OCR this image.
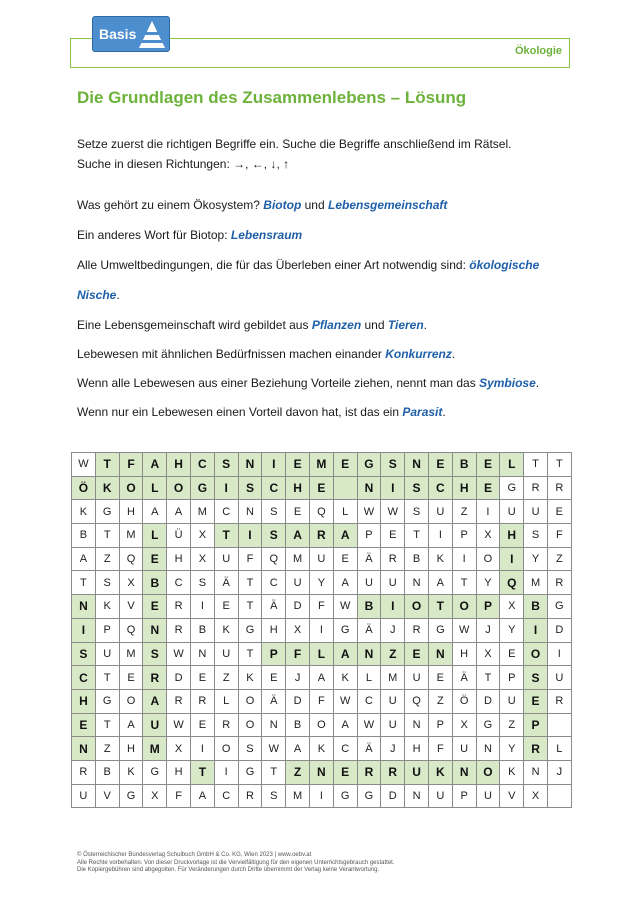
Basis
Ökologie
Die Grundlagen des Zusammenlebens – Lösung
Setze zuerst die richtigen Begriffe ein. Suche die Begriffe anschließend im Rätsel.
Suche in diesen Richtungen: →, ←, ↓, ↑
Was gehört zu einem Ökosystem? Biotop und Lebensgemeinschaft
Ein anderes Wort für Biotop: Lebensraum
Alle Umweltbedingungen, die für das Überleben einer Art notwendig sind: ökologische
Nische.
Eine Lebensgemeinschaft wird gebildet aus Pflanzen und Tieren.
Lebewesen mit ähnlichen Bedürfnissen machen einander Konkurrenz.
Wenn alle Lebewesen aus einer Beziehung Vorteile ziehen, nennt man das Symbiose.
Wenn nur ein Lebewesen einen Vorteil davon hat, ist das ein Parasit.
W	T	F	A	H	C	S	N	I	E	M	E	G	S	N	E	B	E	L	T	T
Ö	K	O	L	O	G	I	S	C	H	E		N	I	S	C	H	E	G	R	R
K	G	H	A	A	M	C	N	S	E	Q	L	W	W	S	U	Z	I	U	U	E
B	T	M	L	Ü	X	T	I	S	A	R	A	P	E	T	I	P	X	H	S	F
A	Z	Q	E	H	X	U	F	Q	M	U	E	Ä	R	B	K	I	O	I	Y	Z
T	S	X	B	C	S	Ä	T	C	U	Y	A	U	U	N	A	T	Y	Q	M	R
N	K	V	E	R	I	E	T	Ä	D	F	W	B	I	O	T	O	P	X	B	G
I	P	Q	N	R	B	K	G	H	X	I	G	Ä	J	R	G	W	J	Y	I	D
S	U	M	S	W	N	U	T	P	F	L	A	N	Z	E	N	H	X	E	O	I
C	T	E	R	D	E	Z	K	E	J	A	K	L	M	U	E	Ä	T	P	S	U
H	G	O	A	R	R	L	O	Ä	D	F	W	C	U	Q	Z	Ö	D	U	E	R
E	T	A	U	W	E	R	O	N	B	O	A	W	U	N	P	X	G	Z	P	
N	Z	H	M	X	I	O	S	W	A	K	C	Ä	J	H	F	U	N	Y	R	L
R	B	K	G	H	T	I	G	T	Z	N	E	R	R	U	K	N	O	K	N	J
U	V	G	X	F	A	C	R	S	M	I	G	G	D	N	U	P	U	V	X	
© Österreichischer Bundesverlag Schulbuch GmbH & Co. KG, Wien 2023 | www.oebv.at
Alle Rechte vorbehalten. Von dieser Druckvorlage ist die Vervielfältigung für den eigenen Unterrichtsgebrauch gestattet.
Die Kopiergebühren sind abgegolten. Für Veränderungen durch Dritte übernimmt der Verlag keine Verantwortung.
